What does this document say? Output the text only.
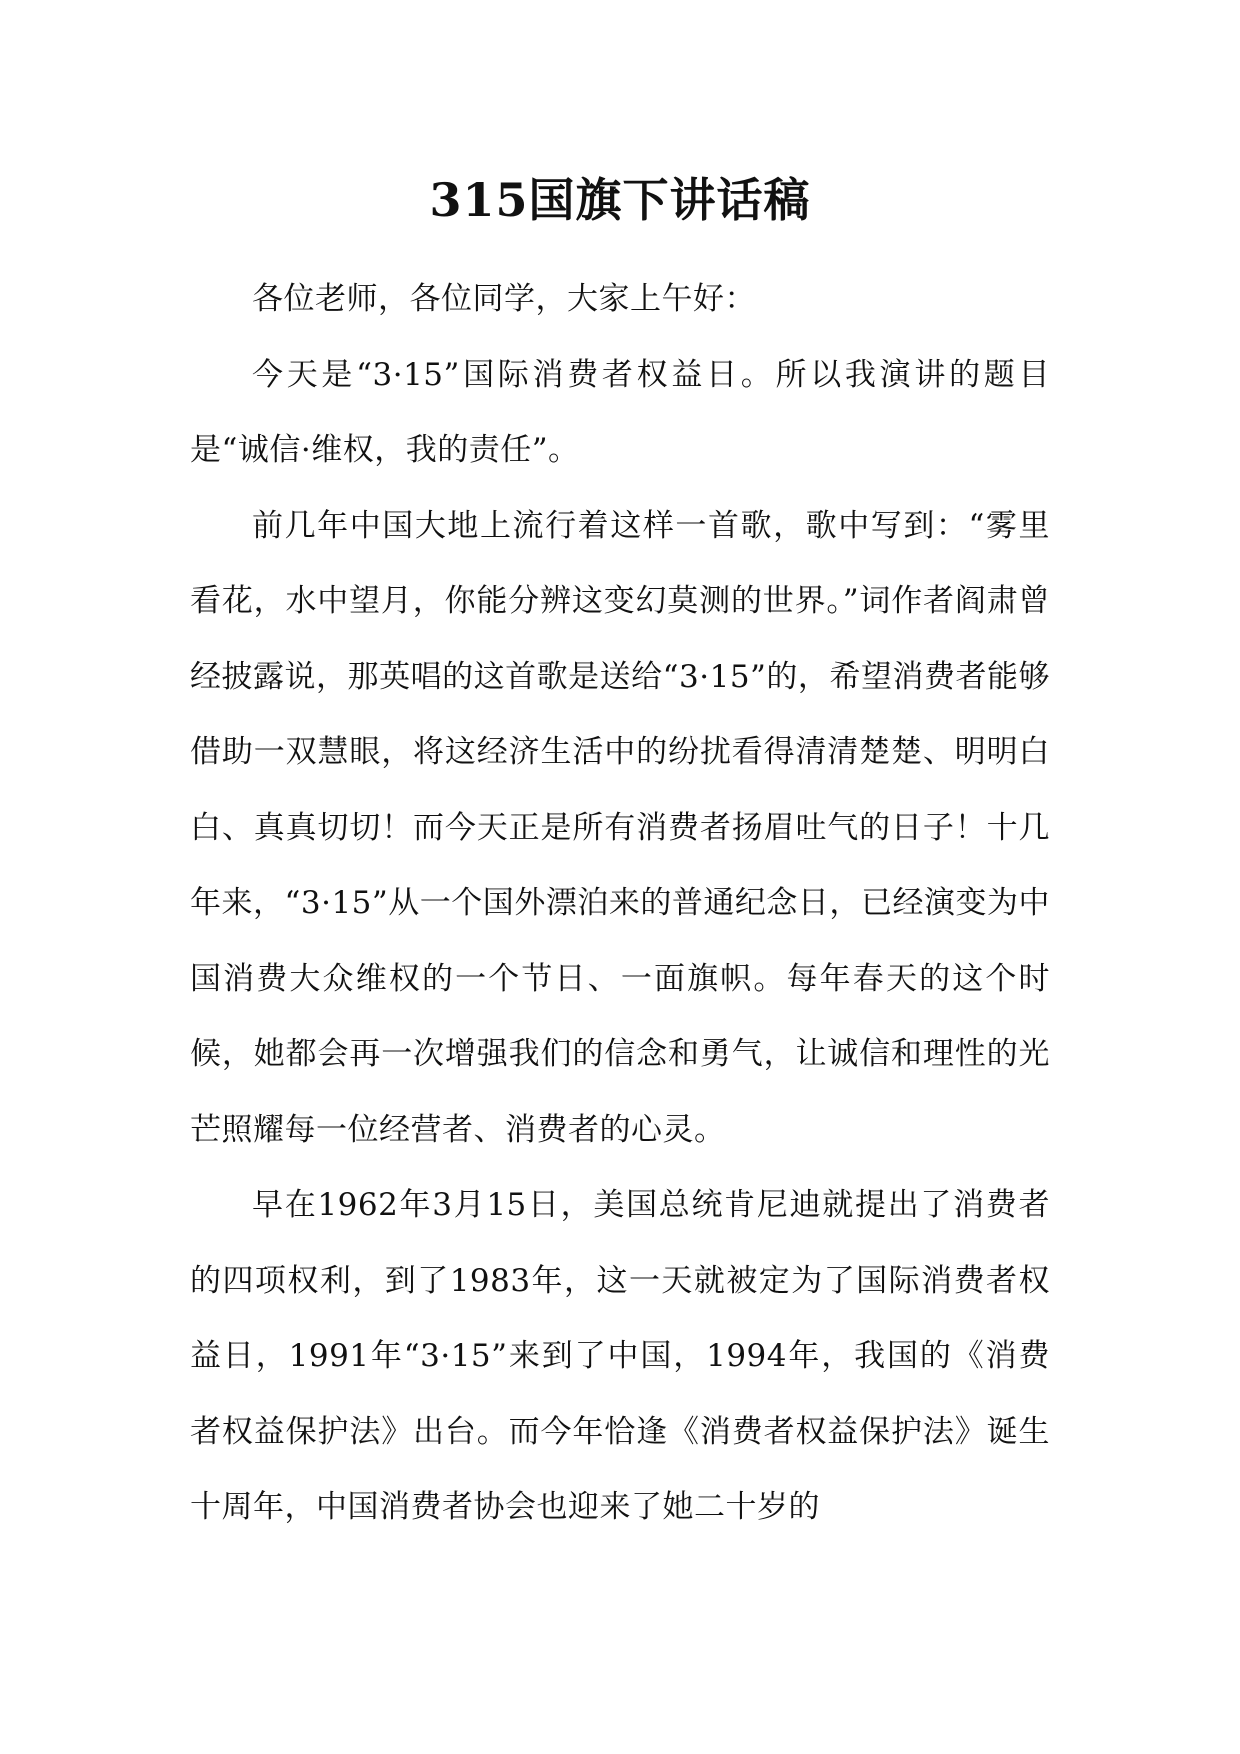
315国旗下讲话稿

各位老师，各位同学，大家上午好：

今天是“3·15”国际消费者权益日。所以我演讲的题目是“诚信·维权，我的责任”。

前几年中国大地上流行着这样一首歌，歌中写到：“雾里看花，水中望月，你能分辨这变幻莫测的世界。”词作者阎肃曾经披露说，那英唱的这首歌是送给“3·15”的，希望消费者能够借助一双慧眼，将这经济生活中的纷扰看得清清楚楚、明明白白、真真切切！而今天正是所有消费者扬眉吐气的日子！十几年来，“3·15”从一个国外漂泊来的普通纪念日，已经演变为中国消费大众维权的一个节日、一面旗帜。每年春天的这个时候，她都会再一次增强我们的信念和勇气，让诚信和理性的光芒照耀每一位经营者、消费者的心灵。

早在1962年3月15日，美国总统肯尼迪就提出了消费者的四项权利，到了1983年，这一天就被定为了国际消费者权益日，1991年“3·15”来到了中国，1994年，我国的《消费者权益保护法》出台。而今年恰逢《消费者权益保护法》诞生十周年，中国消费者协会也迎来了她二十岁的
